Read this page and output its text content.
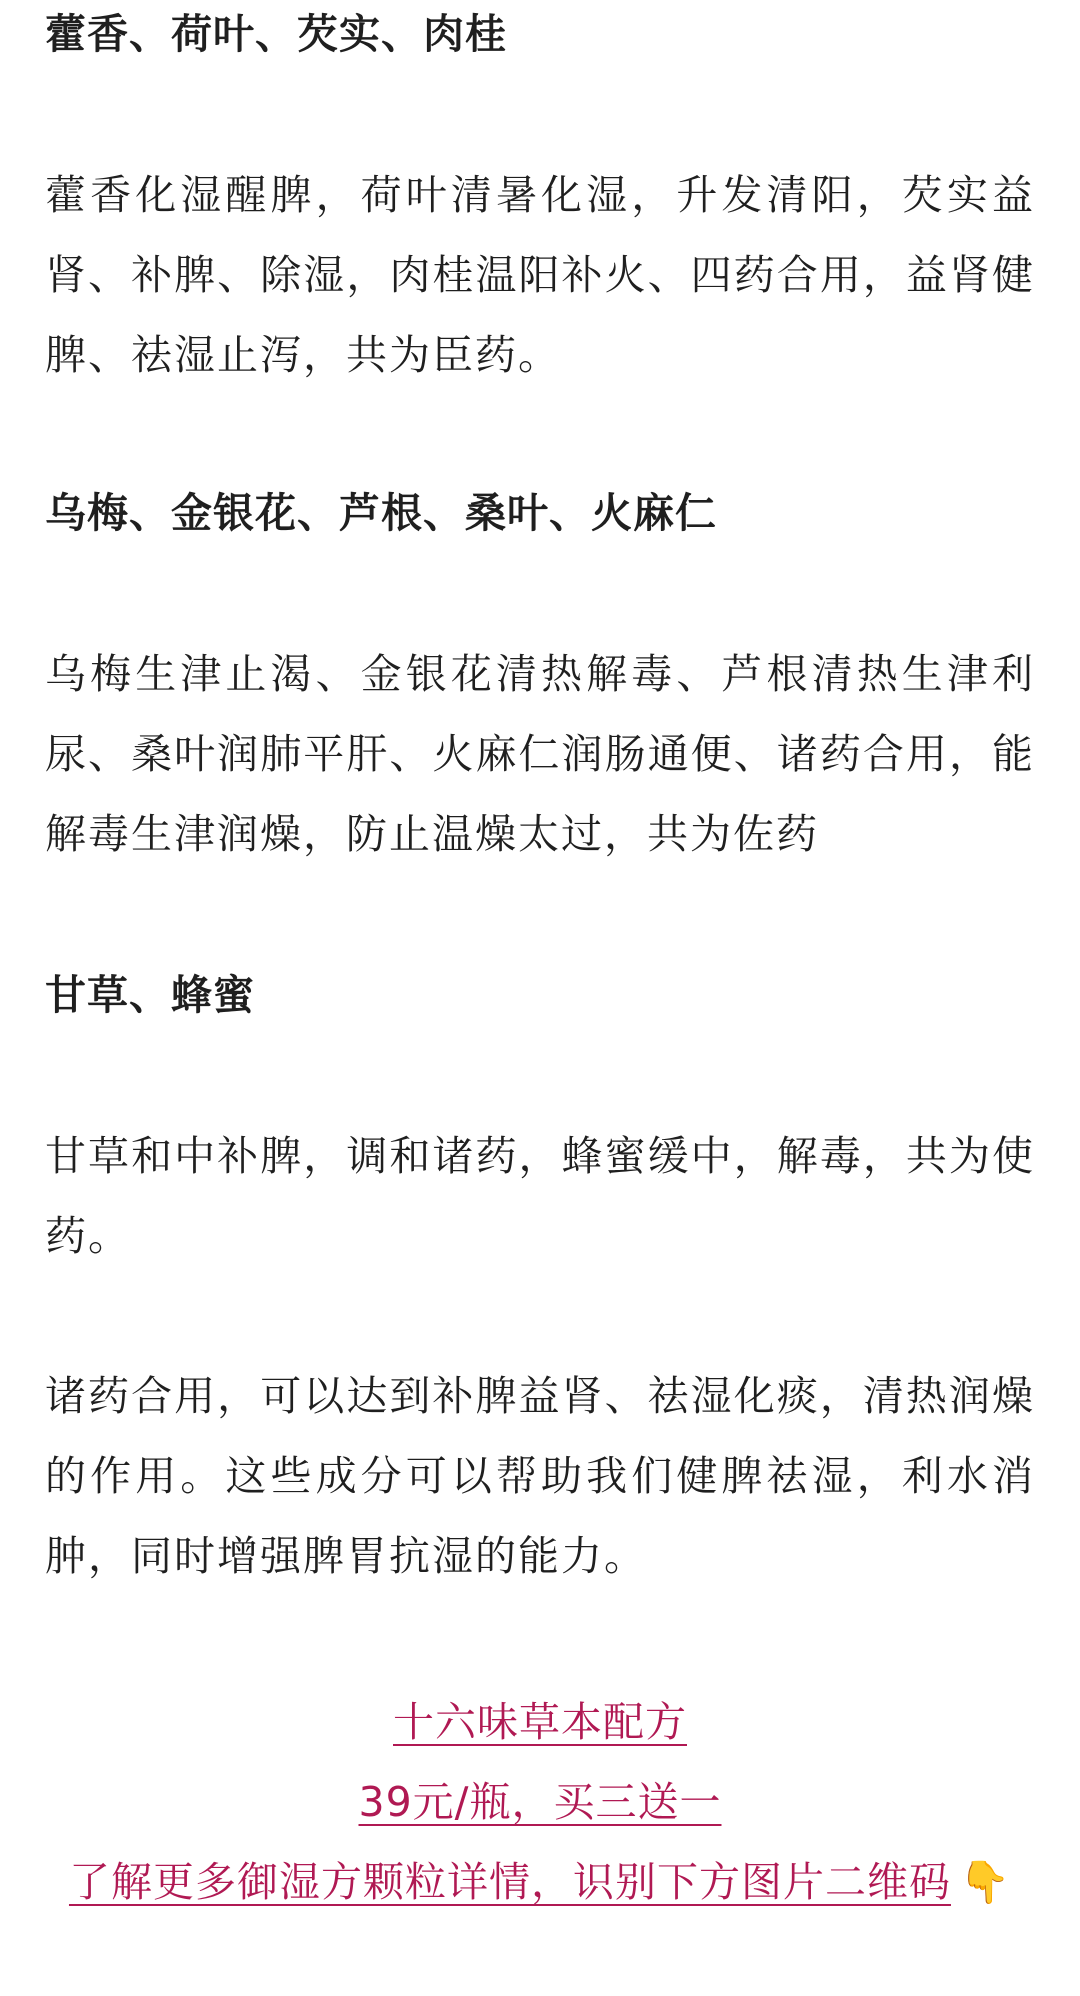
藿香、荷叶、芡实、肉桂

藿香化湿醒脾，荷叶清暑化湿，升发清阳，芡实益肾、补脾、除湿，肉桂温阳补火、四药合用，益肾健脾、祛湿止泻，共为臣药。

乌梅、金银花、芦根、桑叶、火麻仁

乌梅生津止渴、金银花清热解毒、芦根清热生津利尿、桑叶润肺平肝、火麻仁润肠通便、诸药合用，能解毒生津润燥，防止温燥太过，共为佐药

甘草、蜂蜜

甘草和中补脾，调和诸药，蜂蜜缓中，解毒，共为使药。

诸药合用，可以达到补脾益肾、祛湿化痰，清热润燥的作用。这些成分可以帮助我们健脾祛湿，利水消肿，同时增强脾胃抗湿的能力。

十六味草本配方
39元/瓶，买三送一
了解更多御湿方颗粒详情，识别下方图片二维码 👇
